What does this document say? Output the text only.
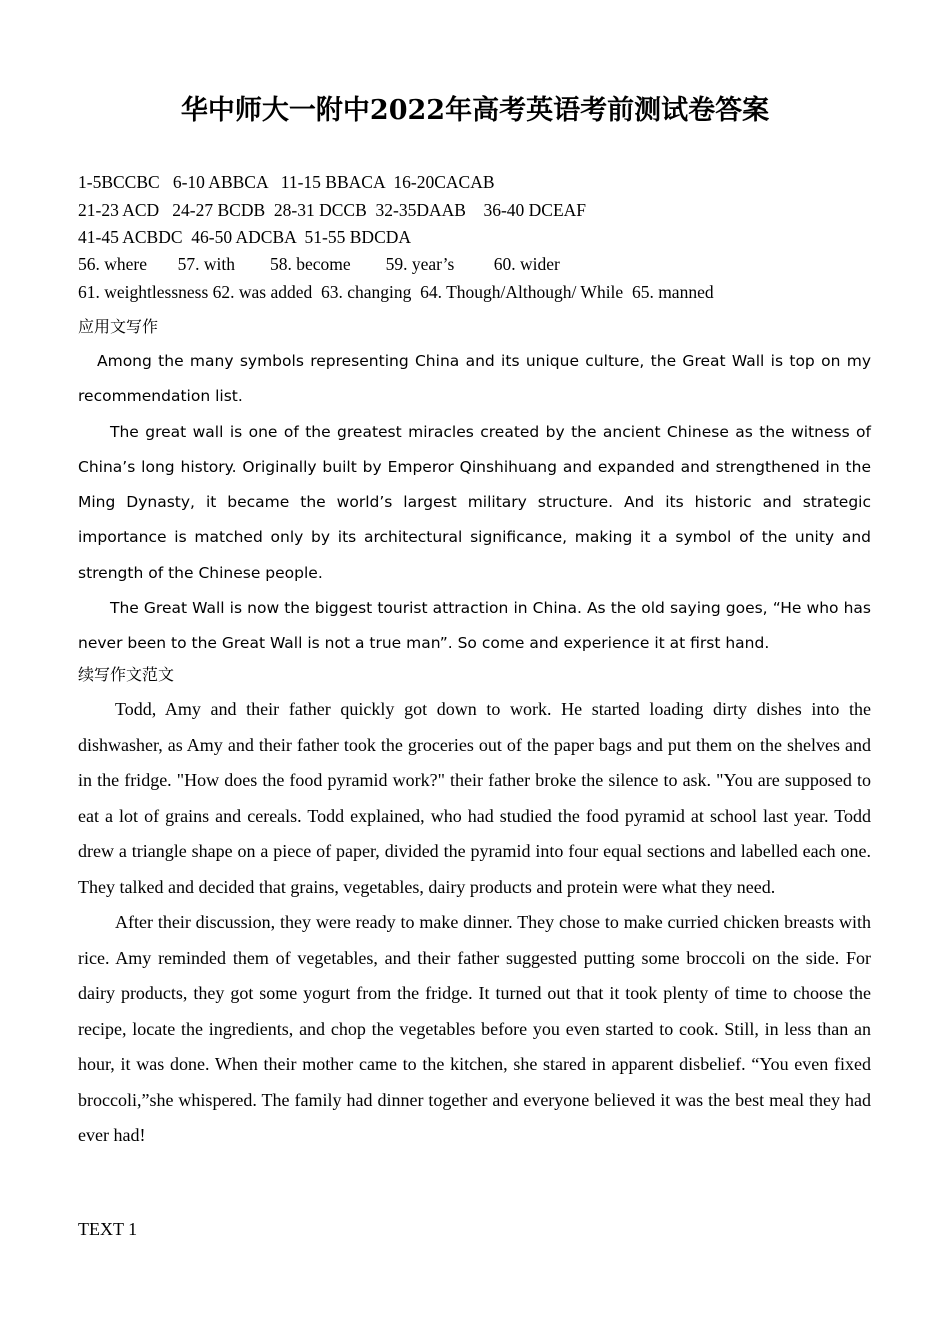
华中师大一附中2022年高考英语考前测试卷答案
1-5BCCBC   6-10 ABBCA   11-15 BBACA  16-20CACAB
21-23 ACD   24-27 BCDB  28-31 DCCB  32-35DAAB    36-40 DCEAF
41-45 ACBDC  46-50 ADCBA  51-55 BDCDA
56. where       57. with        58. become        59. year’s         60. wider
61. weightlessness 62. was added  63. changing  64. Though/Although/ While  65. manned
应用文写作

Among the many symbols representing China and its unique culture, the Great Wall is top on my recommendation list.

The great wall is one of the greatest miracles created by the ancient Chinese as the witness of China’s long history. Originally built by Emperor Qinshihuang and expanded and strengthened in the Ming Dynasty, it became the world’s largest military structure. And its historic and strategic importance is matched only by its architectural significance, making it a symbol of the unity and strength of the Chinese people.

The Great Wall is now the biggest tourist attraction in China. As the old saying goes, “He who has never been to the Great Wall is not a true man”. So come and experience it at first hand.

续写作文范文

Todd, Amy and their father quickly got down to work. He started loading dirty dishes into the dishwasher, as Amy and their father took the groceries out of the paper bags and put them on the shelves and in the fridge. "How does the food pyramid work?" their father broke the silence to ask. "You are supposed to eat a lot of grains and cereals. Todd explained, who had studied the food pyramid at school last year. Todd drew a triangle shape on a piece of paper, divided the pyramid into four equal sections and labelled each one. They talked and decided that grains, vegetables, dairy products and protein were what they need.

After their discussion, they were ready to make dinner. They chose to make curried chicken breasts with rice. Amy reminded them of vegetables, and their father suggested putting some broccoli on the side. For dairy products, they got some yogurt from the fridge. It turned out that it took plenty of time to choose the recipe, locate the ingredients, and chop the vegetables before you even started to cook. Still, in less than an hour, it was done. When their mother came to the kitchen, she stared in apparent disbelief. “You even fixed broccoli,”she whispered. The family had dinner together and everyone believed it was the best meal they had ever had!

TEXT 1
